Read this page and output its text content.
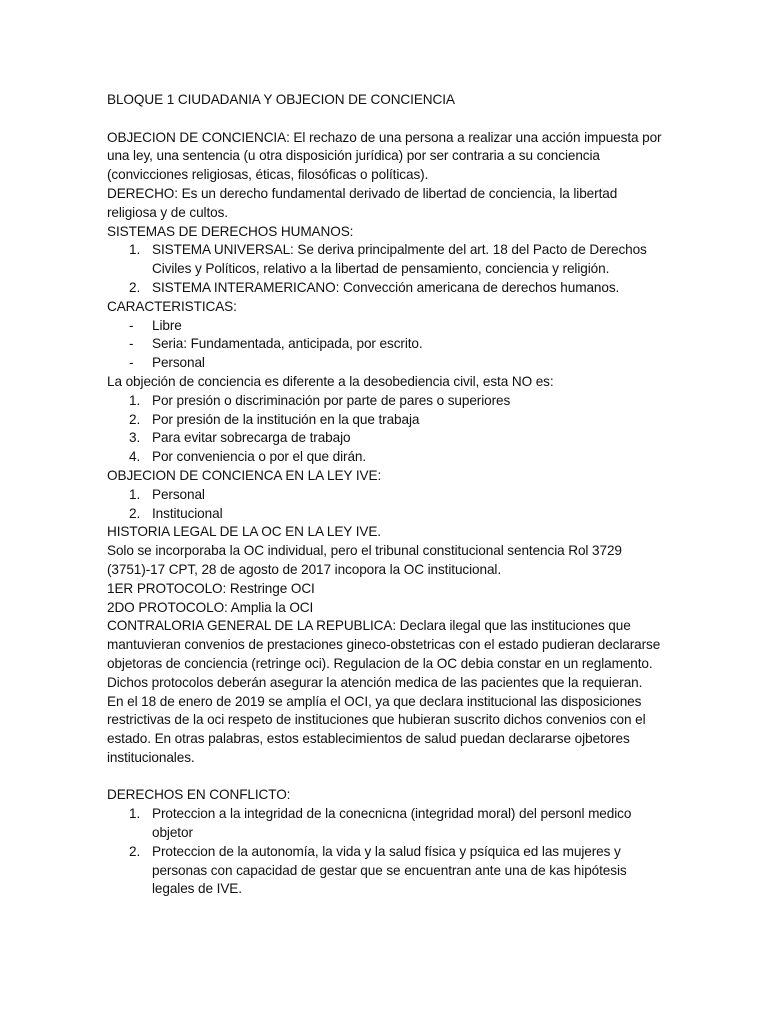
BLOQUE 1 CIUDADANIA Y OBJECION DE CONCIENCIA

OBJECION DE CONCIENCIA: El rechazo de una persona a realizar una acción impuesta por una ley, una sentencia (u otra disposición jurídica) por ser contraria a su conciencia (convicciones religiosas, éticas, filosóficas o políticas).

DERECHO: Es un derecho fundamental derivado de libertad de conciencia, la libertad religiosa y de cultos.

SISTEMAS DE DERECHOS HUMANOS:

1. SISTEMA UNIVERSAL: Se deriva principalmente del art. 18 del Pacto de Derechos Civiles y Políticos, relativo a la libertad de pensamiento, conciencia y religión.
2. SISTEMA INTERAMERICANO: Convección americana de derechos humanos.

CARACTERISTICAS:

- Libre
- Seria: Fundamentada, anticipada, por escrito.
- Personal

La objeción de conciencia es diferente a la desobediencia civil, esta NO es:

1. Por presión o discriminación por parte de pares o superiores
2. Por presión de la institución en la que trabaja
3. Para evitar sobrecarga de trabajo
4. Por conveniencia o por el que dirán.

OBJECION DE CONCIENCA EN LA LEY IVE:

1. Personal
2. Institucional

HISTORIA LEGAL DE LA OC EN LA LEY IVE.

Solo se incorporaba la OC individual, pero el tribunal constitucional sentencia Rol 3729 (3751)-17 CPT, 28 de agosto de 2017 incopora la OC institucional.

1ER PROTOCOLO: Restringe OCI

2DO PROTOCOLO: Amplia la OCI

CONTRALORIA GENERAL DE LA REPUBLICA: Declara ilegal que las instituciones que mantuvieran convenios de prestaciones gineco-obstetricas con el estado pudieran declararse objetoras de conciencia (retringe oci). Regulacion de la OC debia constar en un reglamento. Dichos protocolos deberán asegurar la atención medica de las pacientes que la requieran.

En el 18 de enero de 2019 se amplía el OCI, ya que declara institucional las disposiciones restrictivas de la oci respeto de instituciones que hubieran suscrito dichos convenios con el estado. En otras palabras, estos establecimientos de salud puedan declararse ojbetores institucionales.

DERECHOS EN CONFLICTO:

1. Proteccion a la integridad de la conecnicna (integridad moral) del personl medico objetor
2. Proteccion de la autonomía, la vida y la salud física y psíquica ed las mujeres y personas con capacidad de gestar que se encuentran ante una de kas hipótesis legales de IVE.
